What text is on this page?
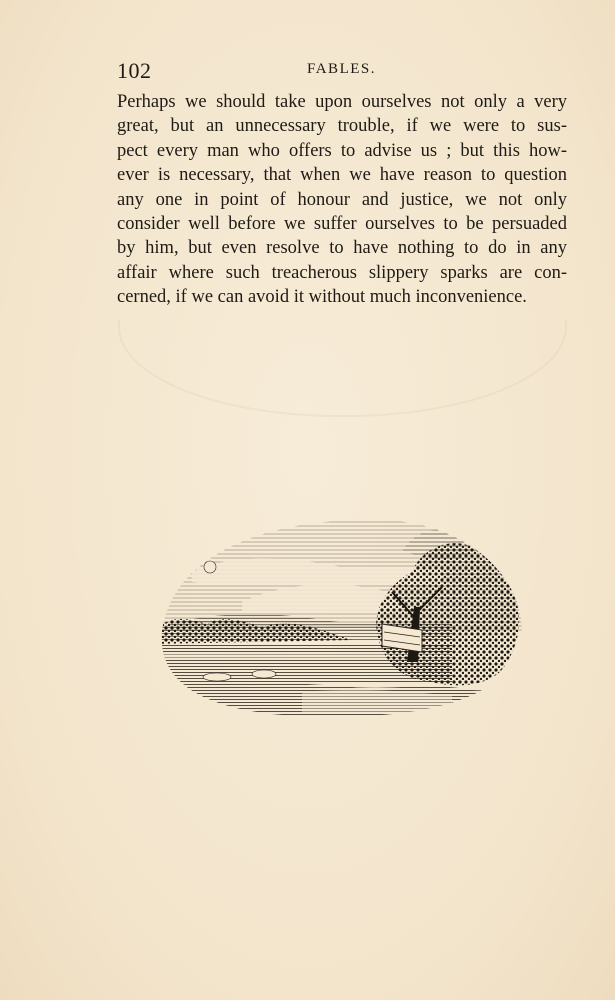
102	FABLES.
Perhaps we should take upon ourselves not only a very
great, but an unnecessary trouble, if we were to sus-
pect every man who offers to advise us ; but this how-
ever is necessary, that when we have reason to question
any one in point of honour and justice, we not only
consider well before we suffer ourselves to be persuaded
by him, but even resolve to have nothing to do in any
affair where such treacherous slippery sparks are con-
cerned, if we can avoid it without much inconvenience.
